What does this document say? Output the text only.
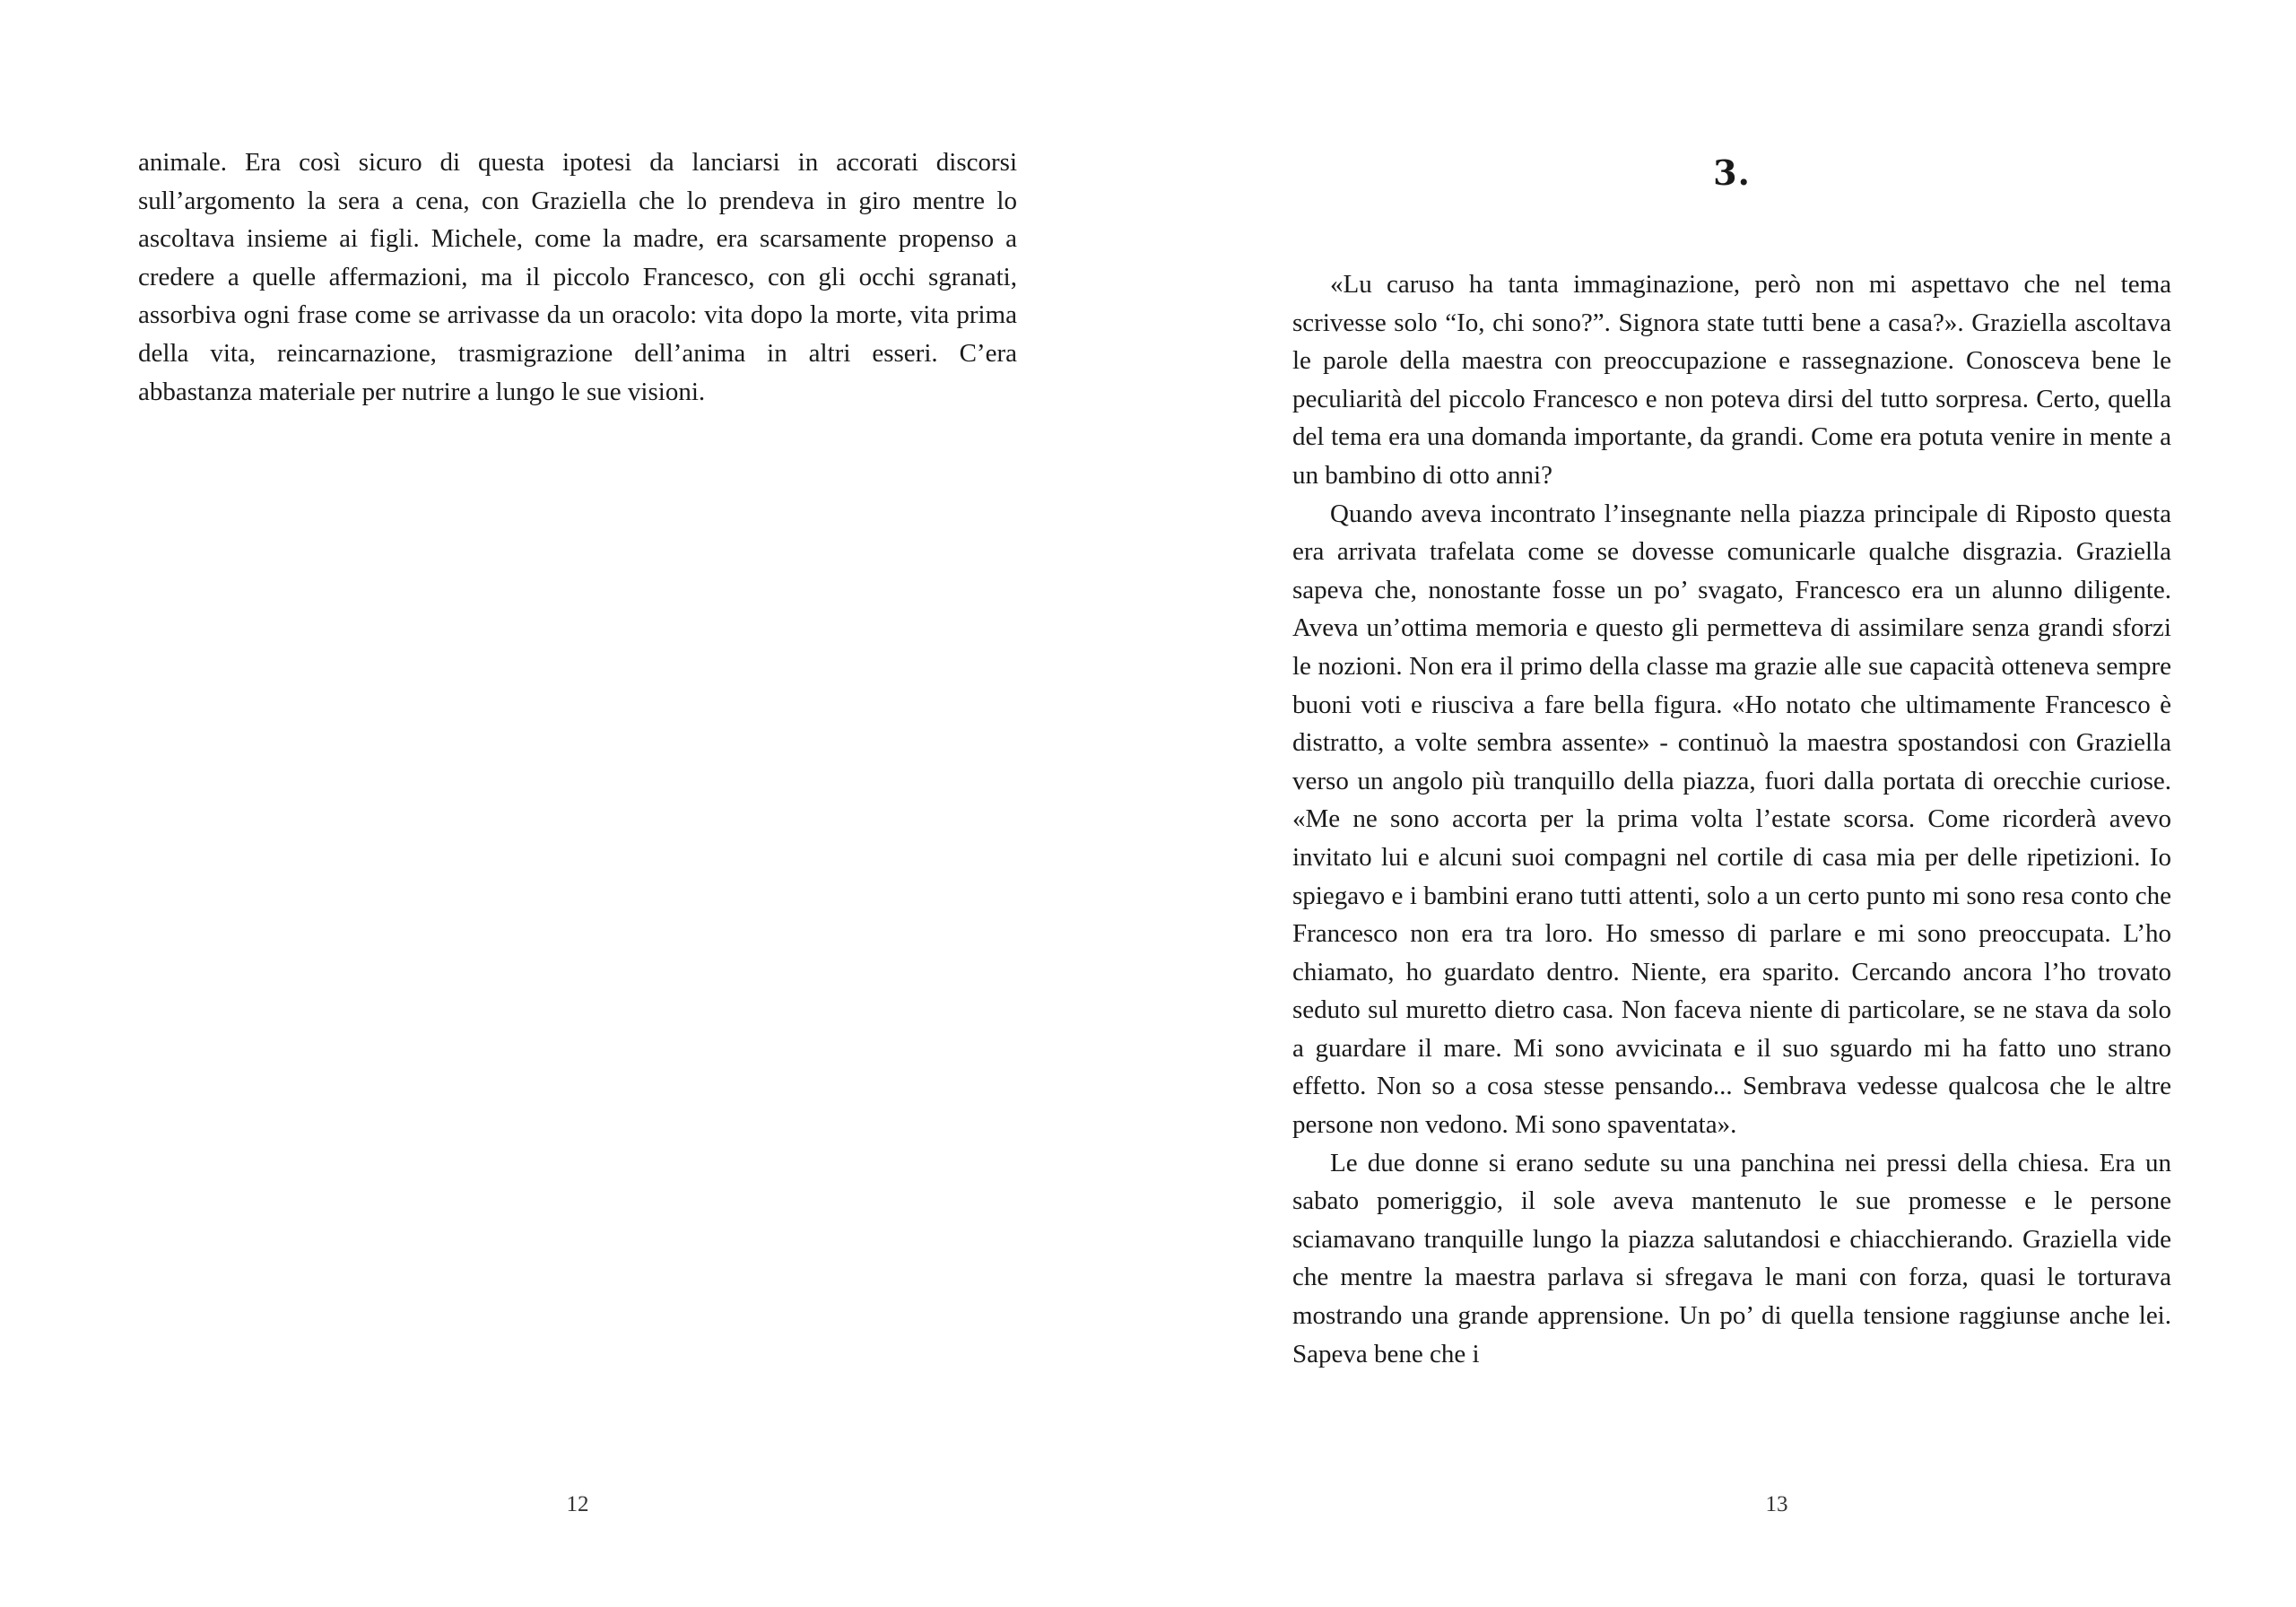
animale. Era così sicuro di questa ipotesi da lanciarsi in accorati discorsi sull’argomento la sera a cena, con Graziella che lo prendeva in giro mentre lo ascoltava insieme ai figli. Michele, come la madre, era scarsamente propenso a credere a quelle affermazioni, ma il piccolo Francesco, con gli occhi sgranati, assorbiva ogni frase come se arrivasse da un oracolo: vita dopo la morte, vita prima della vita, reincarnazione, trasmigrazione dell’anima in altri esseri. C’era abbastanza materiale per nutrire a lungo le sue visioni.

12
3.

«Lu caruso ha tanta immaginazione, però non mi aspettavo che nel tema scrivesse solo “Io, chi sono?”. Signora state tutti bene a casa?». Graziella ascoltava le parole della maestra con preoccupazione e rassegnazione. Conosceva bene le peculiarità del piccolo Francesco e non poteva dirsi del tutto sorpresa. Certo, quella del tema era una domanda importante, da grandi. Come era potuta venire in mente a un bambino di otto anni?

Quando aveva incontrato l’insegnante nella piazza principale di Riposto questa era arrivata trafelata come se dovesse comunicarle qualche disgrazia. Graziella sapeva che, nonostante fosse un po’ svagato, Francesco era un alunno diligente. Aveva un’ottima memoria e questo gli permetteva di assimilare senza grandi sforzi le nozioni. Non era il primo della classe ma grazie alle sue capacità otteneva sempre buoni voti e riusciva a fare bella figura. «Ho notato che ultimamente Francesco è distratto, a volte sembra assente» - continuò la maestra spostandosi con Graziella verso un angolo più tranquillo della piazza, fuori dalla portata di orecchie curiose. «Me ne sono accorta per la prima volta l’estate scorsa. Come ricorderà avevo invitato lui e alcuni suoi compagni nel cortile di casa mia per delle ripetizioni. Io spiegavo e i bambini erano tutti attenti, solo a un certo punto mi sono resa conto che Francesco non era tra loro. Ho smesso di parlare e mi sono preoccupata. L’ho chiamato, ho guardato dentro. Niente, era sparito. Cercando ancora l’ho trovato seduto sul muretto dietro casa. Non faceva niente di particolare, se ne stava da solo a guardare il mare. Mi sono avvicinata e il suo sguardo mi ha fatto uno strano effetto. Non so a cosa stesse pensando... Sembrava vedesse qualcosa che le altre persone non vedono. Mi sono spaventata».

Le due donne si erano sedute su una panchina nei pressi della chiesa. Era un sabato pomeriggio, il sole aveva mantenuto le sue promesse e le persone sciamavano tranquille lungo la piazza salutandosi e chiacchierando. Graziella vide che mentre la maestra parlava si sfregava le mani con forza, quasi le torturava mostrando una grande apprensione. Un po’ di quella tensione raggiunse anche lei. Sapeva bene che i

13
